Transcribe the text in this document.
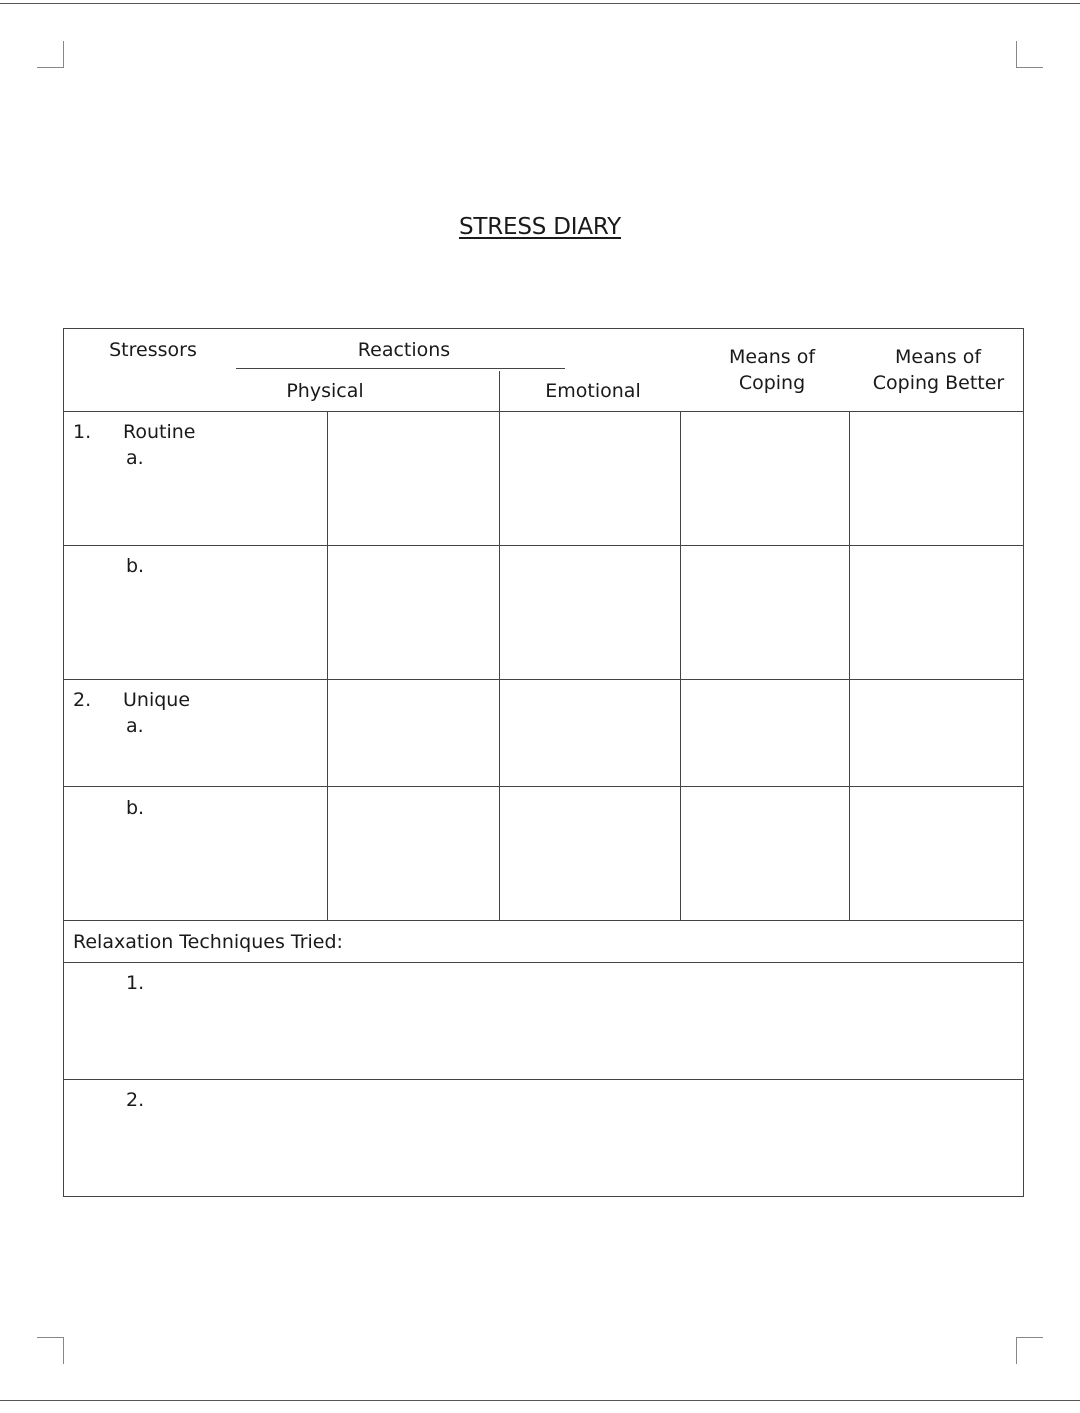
STRESS DIARY
Stressors	Reactions
Physical	Emotional
Means of
Coping
Means of
Coping Better
1. Routine
a.
b.
2. Unique
a.
b.
Relaxation Techniques Tried:
1.
2.
